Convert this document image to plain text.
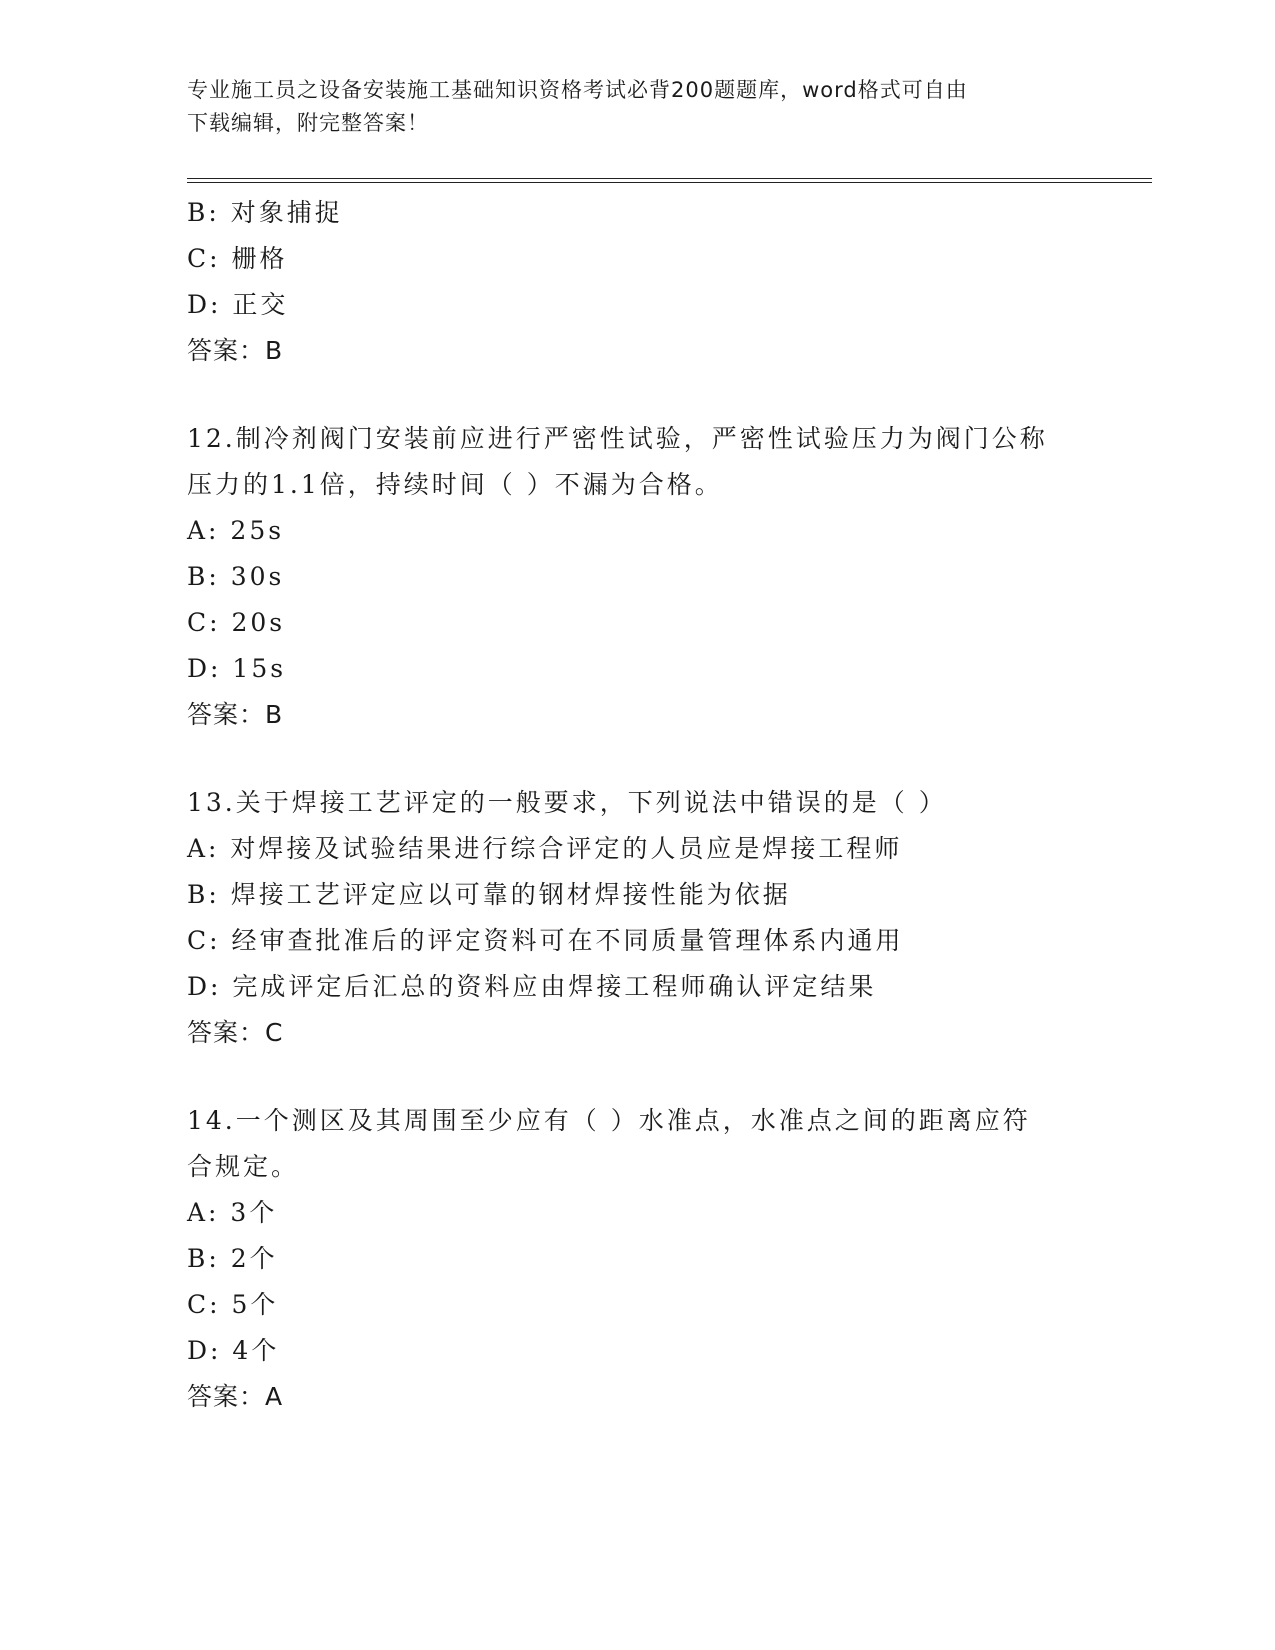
专业施工员之设备安装施工基础知识资格考试必背200题题库，word格式可自由
下载编辑，附完整答案！
B: 对象捕捉
C: 栅格
D: 正交
答案：B
12.制冷剂阀门安装前应进行严密性试验，严密性试验压力为阀门公称
压力的1.1倍，持续时间（ ）不漏为合格。
A: 25s
B: 30s
C: 20s
D: 15s
答案：B
13.关于焊接工艺评定的一般要求，下列说法中错误的是（ ）
A: 对焊接及试验结果进行综合评定的人员应是焊接工程师
B: 焊接工艺评定应以可靠的钢材焊接性能为依据
C: 经审查批准后的评定资料可在不同质量管理体系内通用
D: 完成评定后汇总的资料应由焊接工程师确认评定结果
答案：C
14.一个测区及其周围至少应有（ ）水准点，水准点之间的距离应符
合规定。
A: 3个
B: 2个
C: 5个
D: 4个
答案：A
